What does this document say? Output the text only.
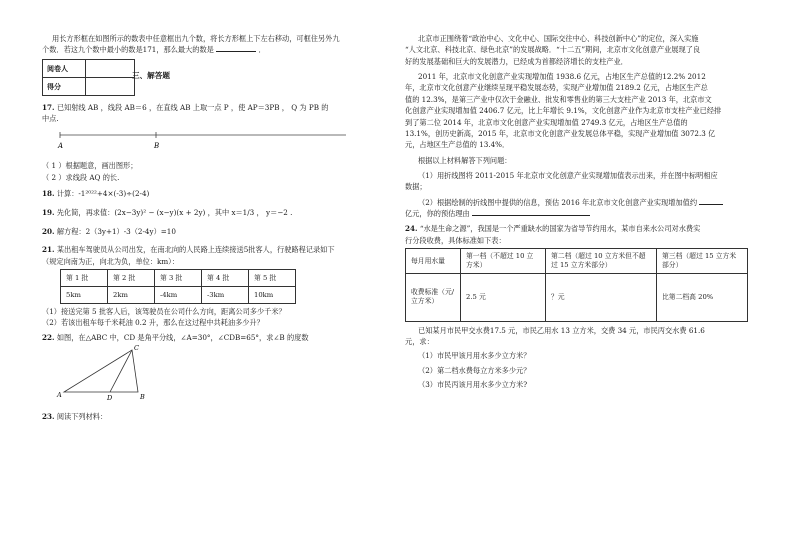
用长方形框在如图所示的数表中任意框出九个数，将长方形框上下左右移动，可框住另外九

个数．若这九个数中最小的数是171，那么最大的数是	．

阅卷人	
得分	
三、解答题

17. 已知射线 AB ，线段 AB＝6 ，在直线 AB 上取一点 P ，使 AP＝3PB ， Q 为 PB 的

中点.

A	B

（ 1 ）根据题意，画出图形；

（ 2 ）求线段 AQ 的长.

18. 计算：-1²⁰²²+4×(-3)÷(2-4)

19. 先化简，再求值：(2x−3y)² − (x−y)(x + 2y) ，其中 x＝1/3 ， y＝−2 .

20. 解方程：2（3y+1）-3（2-4y）=10

21. 某出租车驾驶员从公司出发，在南北向的人民路上连续接送5批客人，行驶路程记录如下

（规定向南为正，向北为负，单位：km）：

第 1 批	第 2 批	第 3 批	第 4 批	第 5 批
5km	2km	-4km	-3km	10km

（1）接送完第 5 批客人后，该驾驶员在公司什么方向，距离公司多少千米？

（2）若该出租车每千米耗油 0.2 升，那么在这过程中共耗油多少升？

22. 如图，在△ABC 中，CD 是角平分线，∠A=30°，∠CDB=65°，求∠B 的度数

A	B
C
D

23. 阅读下列材料：

北京市正围绕着“政治中心、文化中心、国际交往中心、科技创新中心”的定位，深入实施

“人文北京、科技北京、绿色北京”的发展战略．“十二五”期间，北京市文化创意产业展现了良

好的发展基础和巨大的发展潜力，已经成为首都经济增长的支柱产业．

2011 年，北京市文化创意产业实现增加值 1938.6 亿元，占地区生产总值的12.2% 2012

年，北京市文化创意产业继续呈现平稳发展态势，实现产业增加值 2189.2 亿元，占地区生产总

值的 12.3%，是第三产业中仅次于金融业、批发和零售业的第三大支柱产业 2013 年，北京市文

化创意产业实现增加值 2406.7 亿元，比上年增长 9.1%，文化创意产业作为北京市支柱产业已经排

到了第二位 2014 年，北京市文化创意产业实现增加值 2749.3 亿元，占地区生产总值的

13.1%，创历史新高，2015 年，北京市文化创意产业发展总体平稳，实现产业增加值 3072.3 亿

元，占地区生产总值的 13.4%．

根据以上材料解答下列问题：

（1）用折线图将 2011-2015 年北京市文化创意产业实现增加值表示出来，并在图中标明相应

数据；

（2）根据绘制的折线图中提供的信息，预估 2016 年北京市文化创意产业实现增加值约

亿元，你的预估理由

24. “水是生命之源”，我国是一个严重缺水的国家为省导节约用水，某市自来水公司对水费实

行分段收费，具体标准如下表：

每月用水量	第一档（不超过 10 立方米）	第二档（超过 10 立方米但不超过 15 立方米部分）	第三档（超过 15 立方米部分）
收费标准（元/立方米）	2.5 元	？元	比第二档高 20%

已知某月市民甲交水费17.5 元，市民乙用水 13 立方米，交费 34 元，市民丙交水费 61.6

元，求：

（1）市民甲该月用水多少立方米？

（2）第二档水费每立方米多少元？

（3）市民丙该月用水多少立方米?
